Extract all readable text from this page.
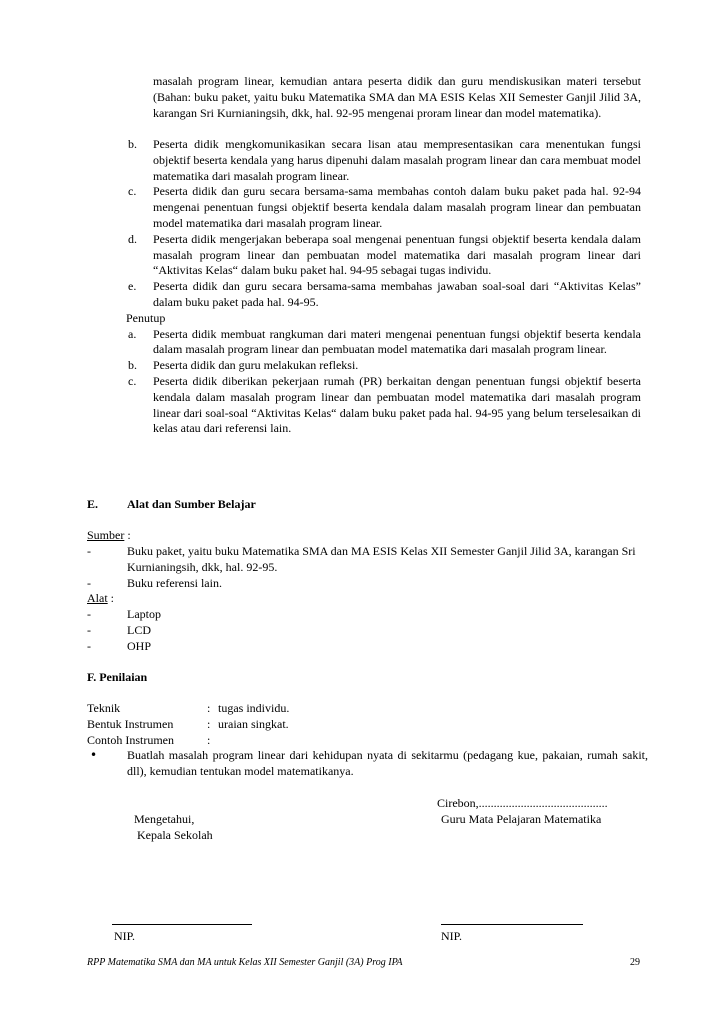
masalah program linear, kemudian antara peserta didik dan guru mendiskusikan materi tersebut (Bahan: buku paket, yaitu buku Matematika SMA dan MA ESIS Kelas XII Semester Ganjil Jilid 3A, karangan Sri Kurnianingsih, dkk, hal. 92-95 mengenai proram linear dan model matematika).
b. Peserta didik mengkomunikasikan secara lisan atau mempresentasikan cara menentukan fungsi objektif beserta kendala yang harus dipenuhi dalam masalah program linear dan cara membuat model matematika dari masalah program linear.
c. Peserta didik dan guru secara bersama-sama membahas contoh dalam buku paket pada hal. 92-94 mengenai penentuan fungsi objektif beserta kendala dalam masalah program linear dan pembuatan model matematika dari masalah program linear.
d. Peserta didik mengerjakan beberapa soal mengenai penentuan fungsi objektif beserta kendala dalam masalah program linear dan pembuatan model matematika dari masalah program linear dari “Aktivitas Kelas“ dalam buku paket hal. 94-95 sebagai tugas individu.
e. Peserta didik dan guru secara bersama-sama membahas jawaban soal-soal dari “Aktivitas Kelas” dalam buku paket pada hal. 94-95.
Penutup
a. Peserta didik membuat rangkuman dari materi mengenai penentuan fungsi objektif beserta kendala dalam masalah program linear dan pembuatan model matematika dari masalah program linear.
b. Peserta didik dan guru melakukan refleksi.
c. Peserta didik diberikan pekerjaan rumah (PR) berkaitan dengan penentuan fungsi objektif beserta kendala dalam masalah program linear dan pembuatan model matematika dari masalah program linear dari soal-soal “Aktivitas Kelas“ dalam buku paket pada hal. 94-95 yang belum terselesaikan di kelas atau dari referensi lain.
E. Alat dan Sumber Belajar
Sumber :
-	Buku paket, yaitu buku Matematika SMA dan MA ESIS Kelas XII Semester Ganjil Jilid 3A, karangan Sri Kurnianingsih, dkk, hal. 92-95.
-	Buku referensi lain.
Alat :
-	Laptop
-	LCD
-	OHP
F. Penilaian
Teknik	: tugas individu.
Bentuk Instrumen	: uraian singkat.
Contoh Instrumen	:
• Buatlah masalah program linear dari kehidupan nyata di sekitarmu (pedagang kue, pakaian, rumah sakit, dll), kemudian tentukan model matematikanya.
Cirebon,...........................................
Mengetahui,	Guru Mata Pelajaran Matematika
Kepala Sekolah
NIP.	NIP.
RPP Matematika SMA dan MA untuk Kelas XII Semester Ganjil (3A) Prog IPA	29
